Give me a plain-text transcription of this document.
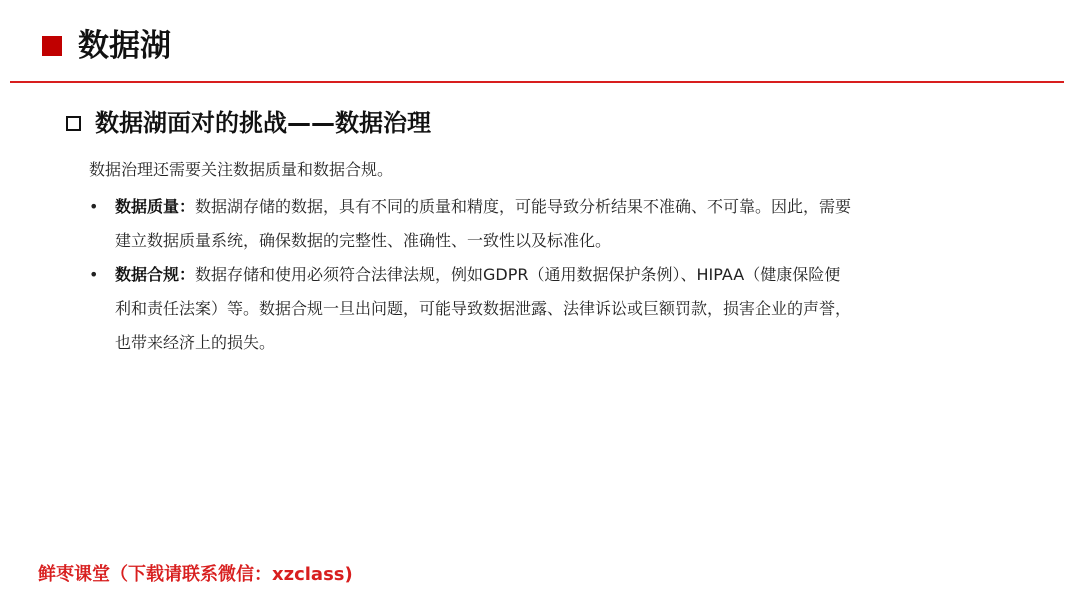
数据湖
数据湖面对的挑战——数据治理
数据治理还需要关注数据质量和数据合规。
• 数据质量：数据湖存储的数据，具有不同的质量和精度，可能导致分析结果不准确、不可靠。因此，需要
建立数据质量系统，确保数据的完整性、准确性、一致性以及标准化。
• 数据合规：数据存储和使用必须符合法律法规，例如GDPR（通用数据保护条例）、HIPAA（健康保险便
利和责任法案）等。数据合规一旦出问题，可能导致数据泄露、法律诉讼或巨额罚款，损害企业的声誉，
也带来经济上的损失。
鲜枣课堂（下载请联系微信：xzclass)
